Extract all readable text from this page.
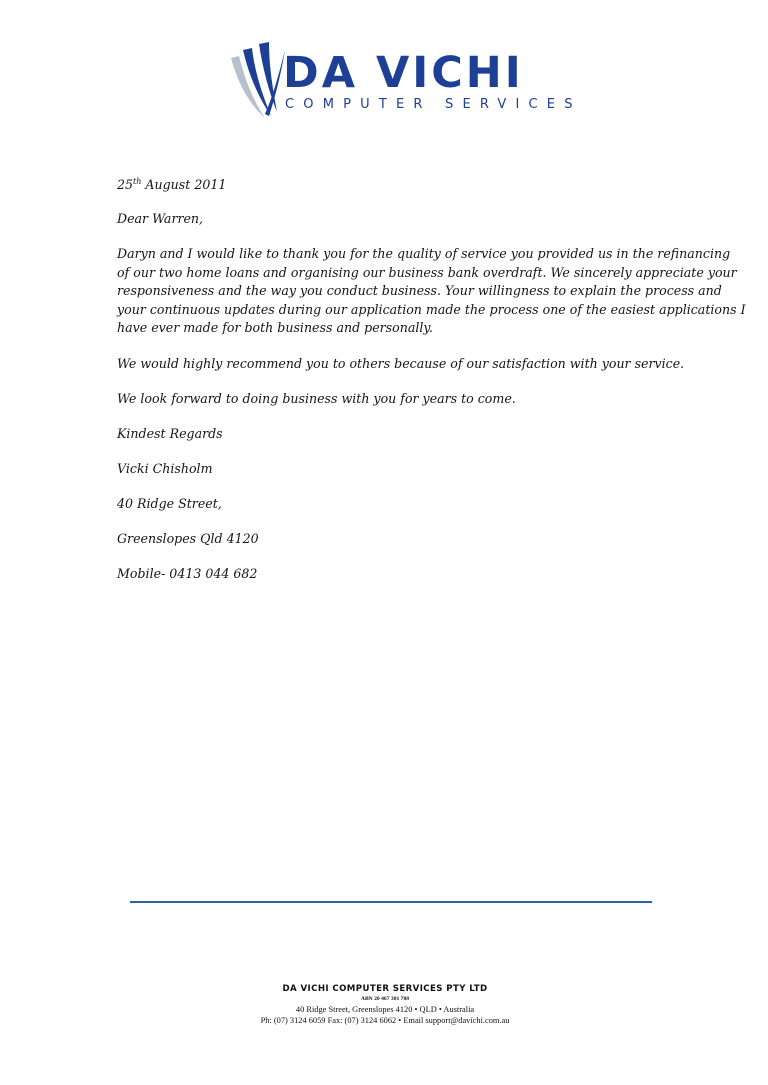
DA VICHI
COMPUTER SERVICES

25th August 2011

Dear Warren,

Daryn and I would like to thank you for the quality of service you provided us in the refinancing
of our two home loans and organising our business bank overdraft. We sincerely appreciate your
responsiveness and the way you conduct business. Your willingness to explain the process and
your continuous updates during our application made the process one of the easiest applications I
have ever made for both business and personally.

We would highly recommend you to others because of our satisfaction with your service.

We look forward to doing business with you for years to come.

Kindest Regards

Vicki Chisholm

40 Ridge Street,

Greenslopes Qld 4120

Mobile- 0413 044 682

DA VICHI COMPUTER SERVICES PTY LTD
ABN 20 467 301 788
40 Ridge Street, Greenslopes 4120 • QLD • Australia
Ph: (07) 3124 6059 Fax: (07) 3124 6062 • Email support@davichi.com.au
